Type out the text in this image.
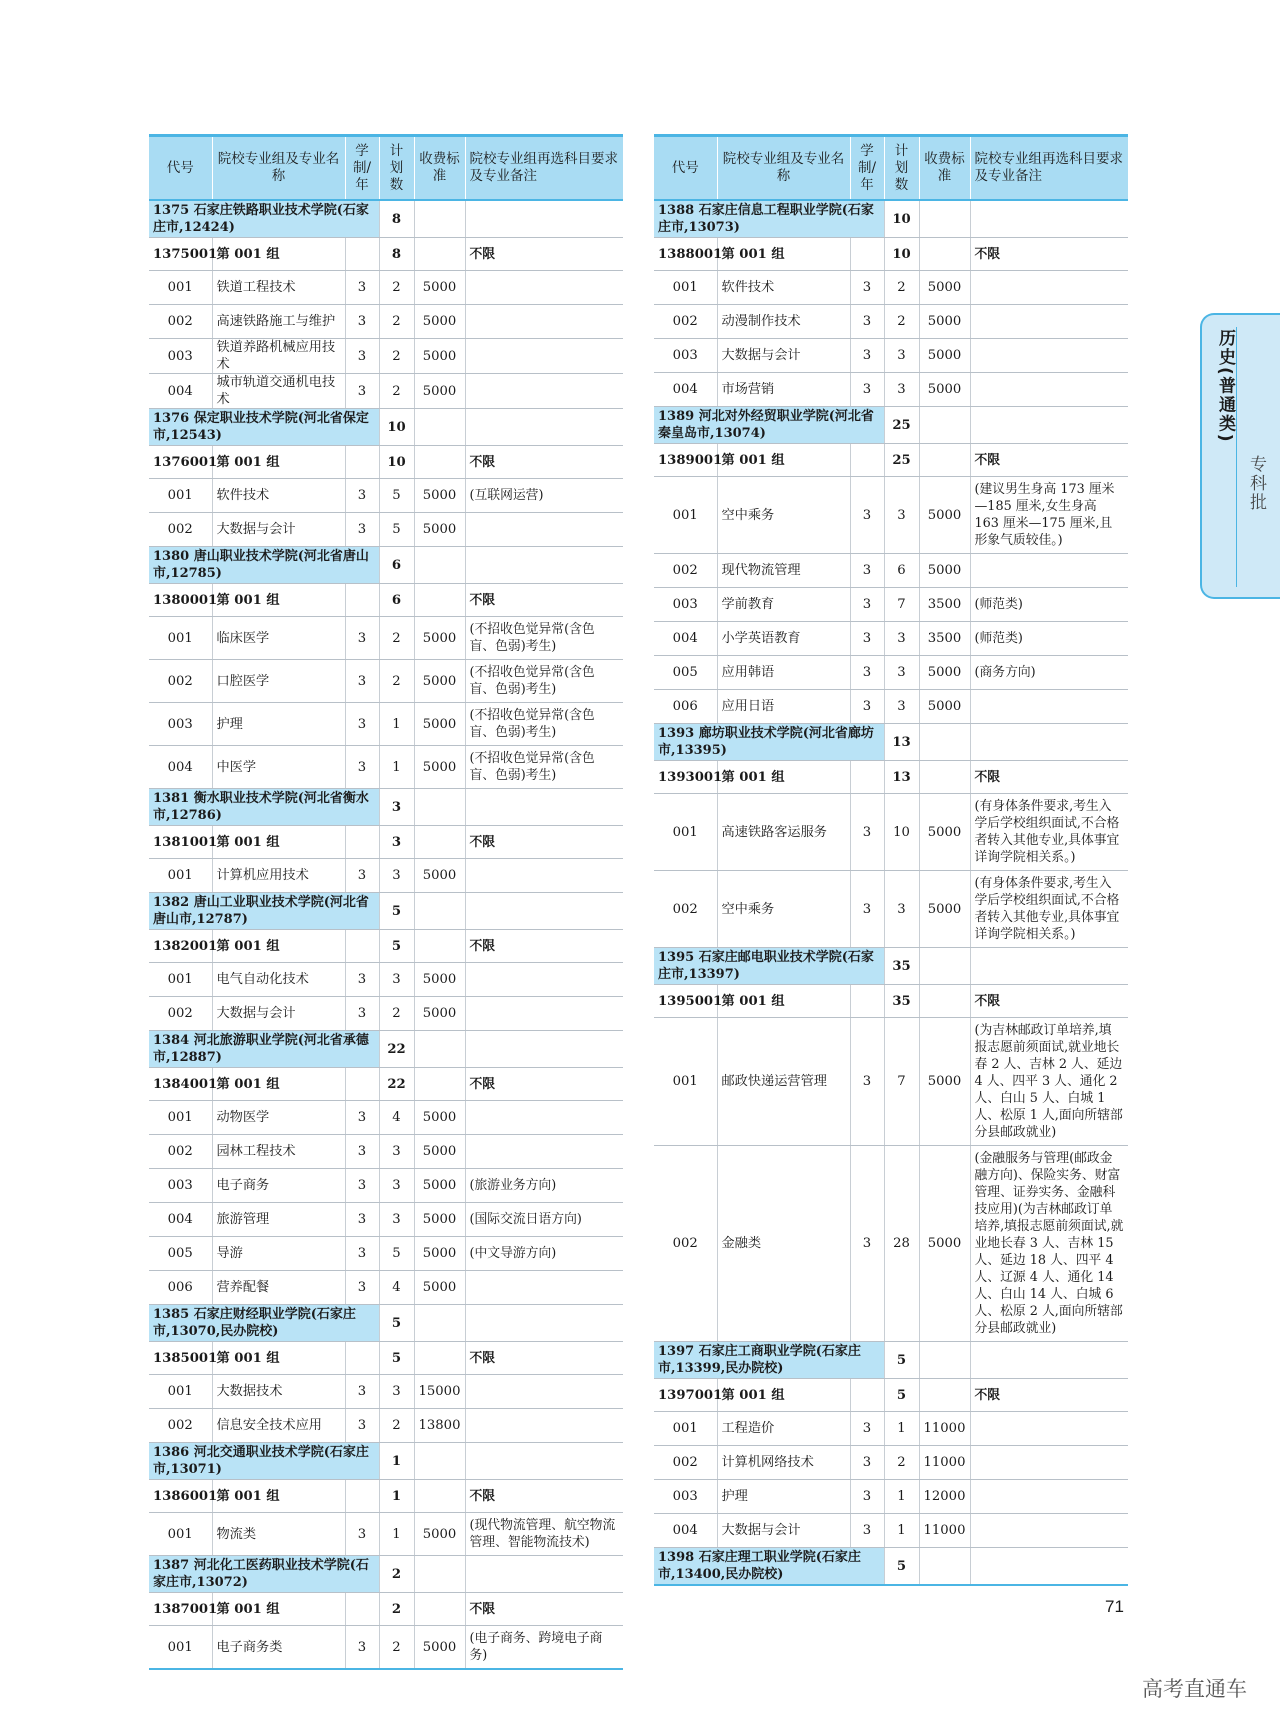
代号	院校专业组及专业名称	学制/年	计划数	收费标准	院校专业组再选科目要求及专业备注
1375 石家庄铁路职业技术学院(石家庄市,12424)			8		
1375001	第 001 组		8		不限
001	铁道工程技术	3	2	5000	
002	高速铁路施工与维护	3	2	5000	
003	铁道养路机械应用技术	3	2	5000	
004	城市轨道交通机电技术	3	2	5000	
1376 保定职业技术学院(河北省保定市,12543)			10		
1376001	第 001 组		10		不限
001	软件技术	3	5	5000	(互联网运营)
002	大数据与会计	3	5	5000	
1380 唐山职业技术学院(河北省唐山市,12785)			6		
1380001	第 001 组		6		不限
001	临床医学	3	2	5000	(不招收色觉异常(含色盲、色弱)考生)
002	口腔医学	3	2	5000	(不招收色觉异常(含色盲、色弱)考生)
003	护理	3	1	5000	(不招收色觉异常(含色盲、色弱)考生)
004	中医学	3	1	5000	(不招收色觉异常(含色盲、色弱)考生)
1381 衡水职业技术学院(河北省衡水市,12786)			3		
1381001	第 001 组		3		不限
001	计算机应用技术	3	3	5000	
1382 唐山工业职业技术学院(河北省唐山市,12787)			5		
1382001	第 001 组		5		不限
001	电气自动化技术	3	3	5000	
002	大数据与会计	3	2	5000	
1384 河北旅游职业学院(河北省承德市,12887)			22		
1384001	第 001 组		22		不限
001	动物医学	3	4	5000	
002	园林工程技术	3	3	5000	
003	电子商务	3	3	5000	(旅游业务方向)
004	旅游管理	3	3	5000	(国际交流日语方向)
005	导游	3	5	5000	(中文导游方向)
006	营养配餐	3	4	5000	
1385 石家庄财经职业学院(石家庄市,13070,民办院校)			5		
1385001	第 001 组		5		不限
001	大数据技术	3	3	15000	
002	信息安全技术应用	3	2	13800	
1386 河北交通职业技术学院(石家庄市,13071)			1		
1386001	第 001 组		1		不限
001	物流类	3	1	5000	(现代物流管理、航空物流管理、智能物流技术)
1387 河北化工医药职业技术学院(石家庄市,13072)			2		
1387001	第 001 组		2		不限
001	电子商务类	3	2	5000	(电子商务、跨境电子商务)
代号	院校专业组及专业名称	学制/年	计划数	收费标准	院校专业组再选科目要求及专业备注
1388 石家庄信息工程职业学院(石家庄市,13073)			10		
1388001	第 001 组		10		不限
001	软件技术	3	2	5000	
002	动漫制作技术	3	2	5000	
003	大数据与会计	3	3	5000	
004	市场营销	3	3	5000	
1389 河北对外经贸职业学院(河北省秦皇岛市,13074)			25		
1389001	第 001 组		25		不限
001	空中乘务	3	3	5000	(建议男生身高 173 厘米—185 厘米,女生身高 163 厘米—175 厘米,且形象气质较佳。)
002	现代物流管理	3	6	5000	
003	学前教育	3	7	3500	(师范类)
004	小学英语教育	3	3	3500	(师范类)
005	应用韩语	3	3	5000	(商务方向)
006	应用日语	3	3	5000	
1393 廊坊职业技术学院(河北省廊坊市,13395)			13		
1393001	第 001 组		13		不限
001	高速铁路客运服务	3	10	5000	(有身体条件要求,考生入学后学校组织面试,不合格者转入其他专业,具体事宜详询学院相关系。)
002	空中乘务	3	3	5000	(有身体条件要求,考生入学后学校组织面试,不合格者转入其他专业,具体事宜详询学院相关系。)
1395 石家庄邮电职业技术学院(石家庄市,13397)			35		
1395001	第 001 组		35		不限
001	邮政快递运营管理	3	7	5000	(为吉林邮政订单培养,填报志愿前须面试,就业地长春 2 人、吉林 2 人、延边 4 人、四平 3 人、通化 2 人、白山 5 人、白城 1 人、松原 1 人,面向所辖部分县邮政就业)
002	金融类	3	28	5000	(金融服务与管理(邮政金融方向)、保险实务、财富管理、证券实务、金融科技应用)(为吉林邮政订单培养,填报志愿前须面试,就业地长春 3 人、吉林 15 人、延边 18 人、四平 4 人、辽源 4 人、通化 14 人、白山 14 人、白城 6 人、松原 2 人,面向所辖部分县邮政就业)
1397 石家庄工商职业学院(石家庄市,13399,民办院校)			5		
1397001	第 001 组		5		不限
001	工程造价	3	1	11000	
002	计算机网络技术	3	2	11000	
003	护理	3	1	12000	
004	大数据与会计	3	1	11000	
1398 石家庄理工职业学院(石家庄市,13400,民办院校)			5		
历史(普通类)
专科批
71
高考直通车
